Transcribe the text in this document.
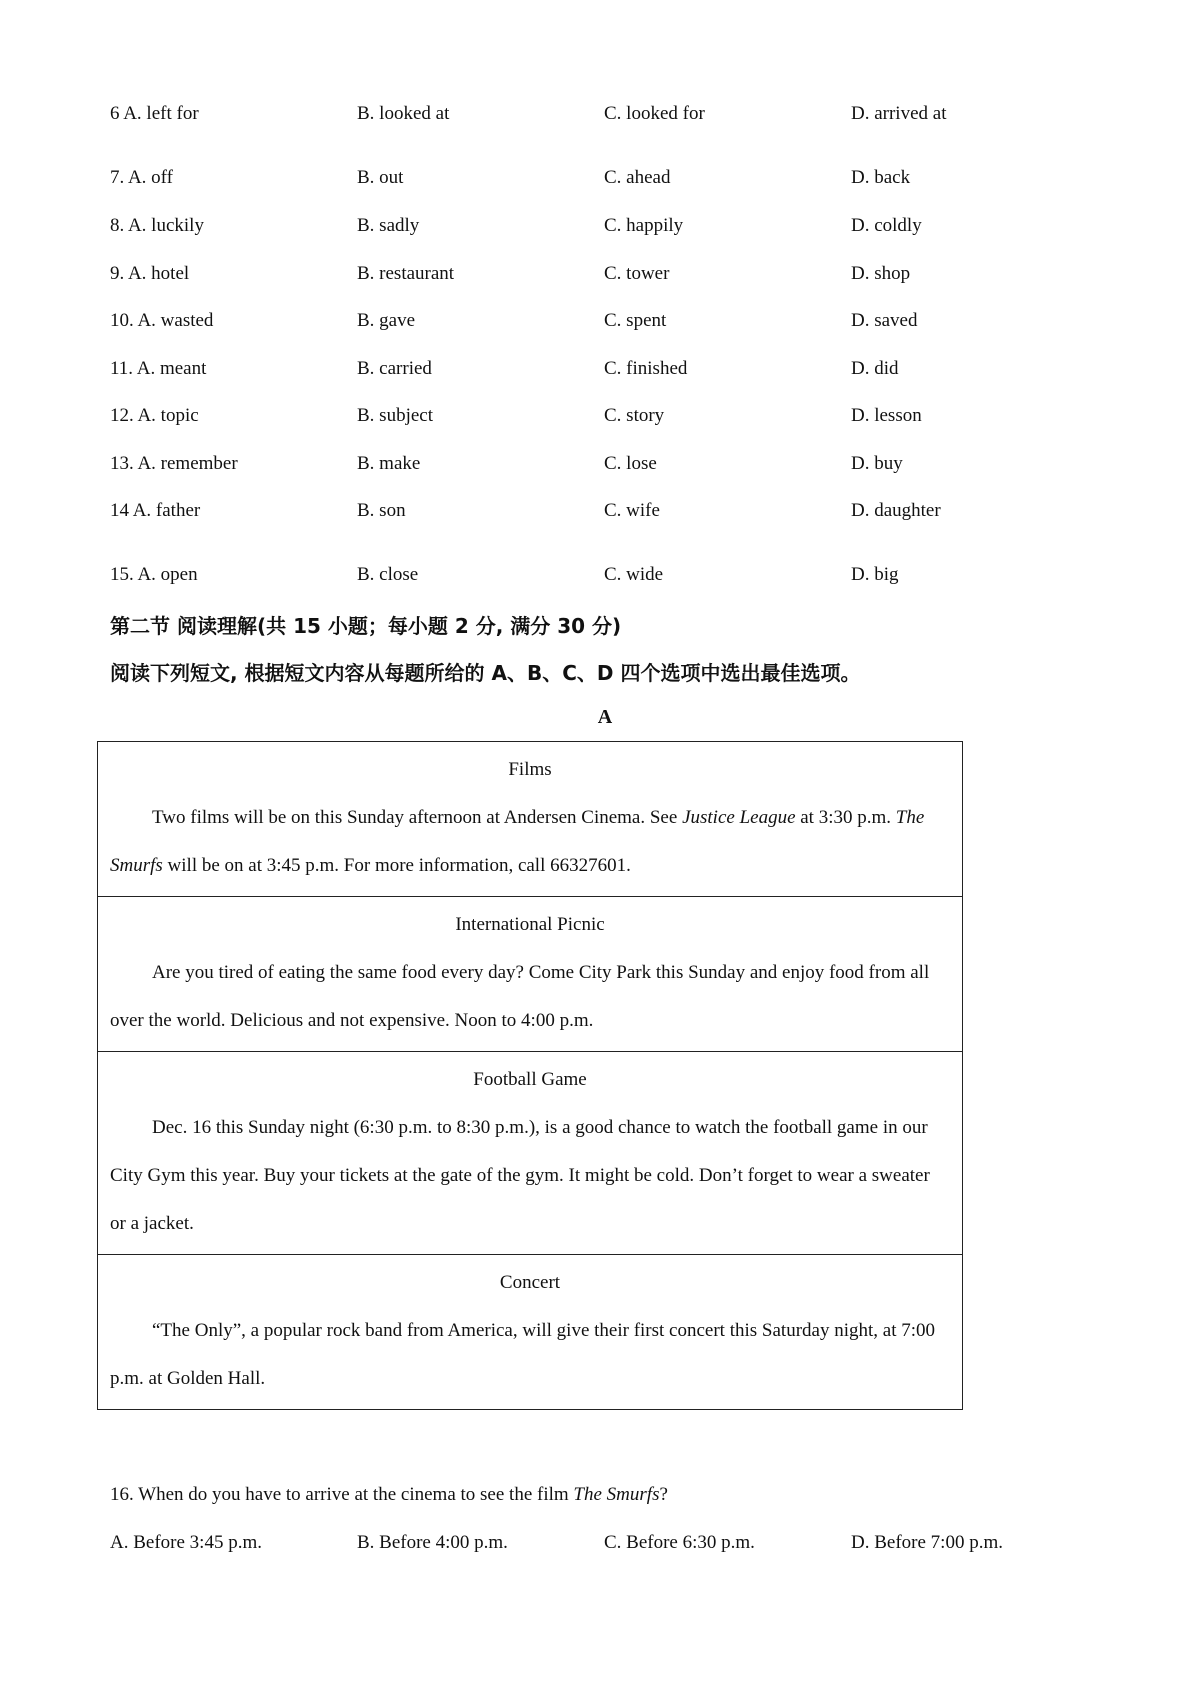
6 A. left for	B. looked at	C. looked for	D. arrived at
7. A. off	B. out	C. ahead	D. back
8. A. luckily	B. sadly	C. happily	D. coldly
9. A. hotel	B. restaurant	C. tower	D. shop
10. A. wasted	B. gave	C. spent	D. saved
11. A. meant	B. carried	C. finished	D. did
12. A. topic	B. subject	C. story	D. lesson
13. A. remember	B. make	C. lose	D. buy
14 A. father	B. son	C. wife	D. daughter
15. A. open	B. close	C. wide	D. big
第二节 阅读理解(共 15 小题；每小题 2 分, 满分 30 分)
阅读下列短文, 根据短文内容从每题所给的 A、B、C、D 四个选项中选出最佳选项。
A
Films
Two films will be on this Sunday afternoon at Andersen Cinema. See Justice League at 3:30 p.m. The Smurfs will be on at 3:45 p.m. For more information, call 66327601.

International Picnic
Are you tired of eating the same food every day? Come City Park this Sunday and enjoy food from all over the world. Delicious and not expensive. Noon to 4:00 p.m.

Football Game
Dec. 16 this Sunday night (6:30 p.m. to 8:30 p.m.), is a good chance to watch the football game in our City Gym this year. Buy your tickets at the gate of the gym. It might be cold. Don’t forget to wear a sweater or a jacket.

Concert
“The Only”, a popular rock band from America, will give their first concert this Saturday night, at 7:00 p.m. at Golden Hall.
16. When do you have to arrive at the cinema to see the film The Smurfs?
A. Before 3:45 p.m.	B. Before 4:00 p.m.	C. Before 6:30 p.m.	D. Before 7:00 p.m.
